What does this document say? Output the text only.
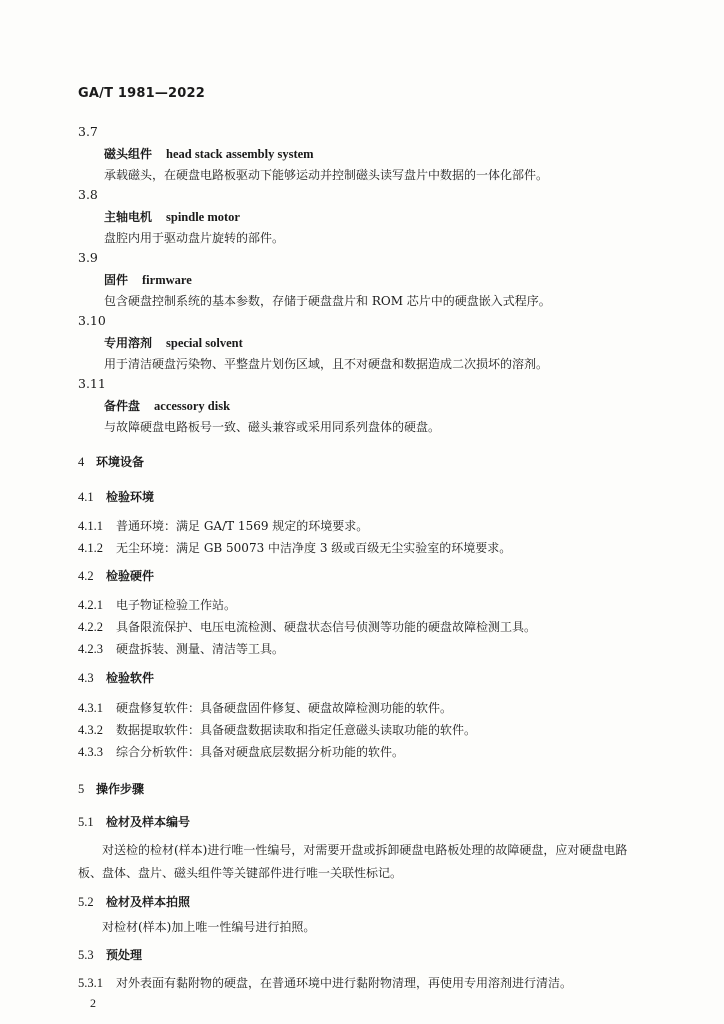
GA/T 1981—2022
3.7
磁头组件 head stack assembly system
承载磁头，在硬盘电路板驱动下能够运动并控制磁头读写盘片中数据的一体化部件。
3.8
主轴电机 spindle motor
盘腔内用于驱动盘片旋转的部件。
3.9
固件 firmware
包含硬盘控制系统的基本参数，存储于硬盘盘片和 ROM 芯片中的硬盘嵌入式程序。
3.10
专用溶剂 special solvent
用于清洁硬盘污染物、平整盘片划伤区域，且不对硬盘和数据造成二次损坏的溶剂。
3.11
备件盘 accessory disk
与故障硬盘电路板号一致、磁头兼容或采用同系列盘体的硬盘。
4 环境设备
4.1 检验环境
4.1.1 普通环境：满足 GA/T 1569 规定的环境要求。
4.1.2 无尘环境：满足 GB 50073 中洁净度 3 级或百级无尘实验室的环境要求。
4.2 检验硬件
4.2.1 电子物证检验工作站。
4.2.2 具备限流保护、电压电流检测、硬盘状态信号侦测等功能的硬盘故障检测工具。
4.2.3 硬盘拆装、测量、清洁等工具。
4.3 检验软件
4.3.1 硬盘修复软件：具备硬盘固件修复、硬盘故障检测功能的软件。
4.3.2 数据提取软件：具备硬盘数据读取和指定任意磁头读取功能的软件。
4.3.3 综合分析软件：具备对硬盘底层数据分析功能的软件。
5 操作步骤
5.1 检材及样本编号
对送检的检材(样本)进行唯一性编号，对需要开盘或拆卸硬盘电路板处理的故障硬盘，应对硬盘电路板、盘体、盘片、磁头组件等关键部件进行唯一关联性标记。
5.2 检材及样本拍照
对检材(样本)加上唯一性编号进行拍照。
5.3 预处理
5.3.1 对外表面有黏附物的硬盘，在普通环境中进行黏附物清理，再使用专用溶剂进行清洁。
2
